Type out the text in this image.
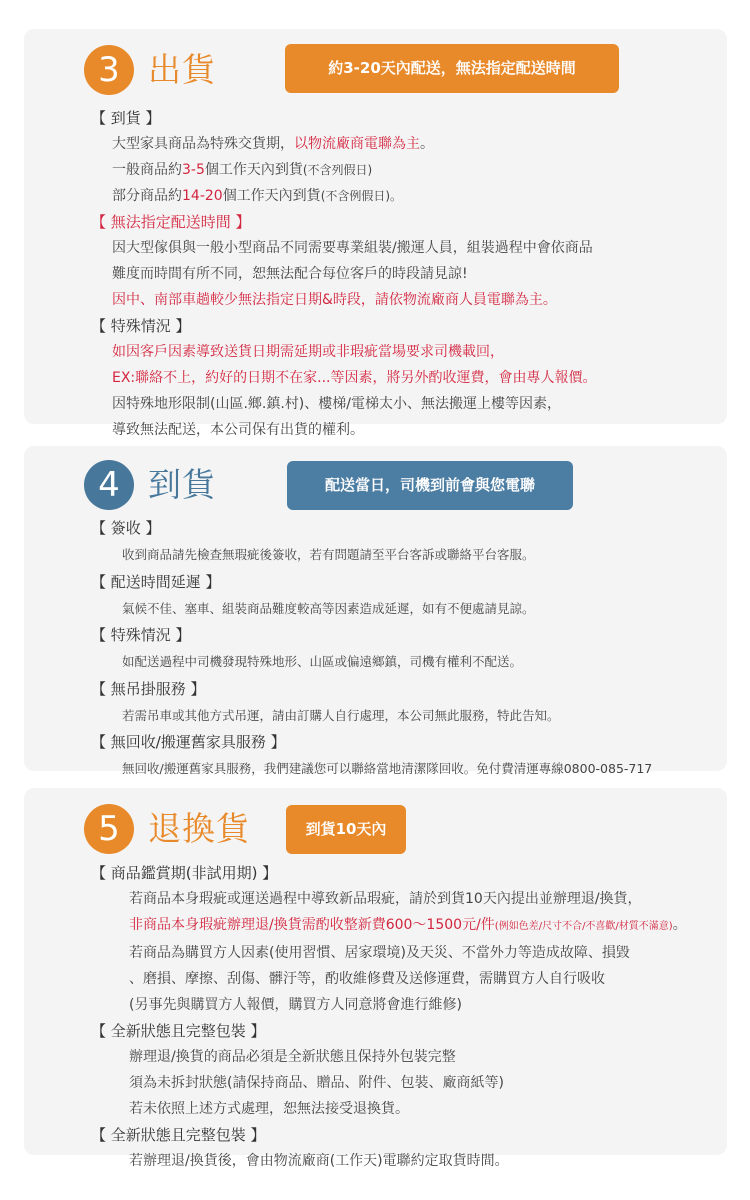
3 出貨	約3-20天內配送，無法指定配送時間
【 到貨 】
大型家具商品為特殊交貨期，以物流廠商電聯為主。
一般商品約3-5個工作天內到貨(不含列假日)
部分商品約14-20個工作天內到貨(不含例假日)。
【 無法指定配送時間 】
因大型傢俱與一般小型商品不同需要專業組裝/搬運人員，組裝過程中會依商品
難度而時間有所不同，恕無法配合每位客戶的時段請見諒!
因中、南部車趟較少無法指定日期&時段，請依物流廠商人員電聯為主。
【 特殊情況 】
如因客戶因素導致送貨日期需延期或非瑕疵當場要求司機載回，
EX:聯絡不上，約好的日期不在家...等因素，將另外酌收運費，會由專人報價。
因特殊地形限制(山區.鄉.鎮.村)、樓梯/電梯太小、無法搬運上樓等因素，
導致無法配送，本公司保有出貨的權利。
4 到貨	配送當日，司機到前會與您電聯
【 簽收 】
收到商品請先檢查無瑕疵後簽收，若有問題請至平台客訴或聯絡平台客服。
【 配送時間延遲 】
氣候不佳、塞車、組裝商品難度較高等因素造成延遲，如有不便處請見諒。
【 特殊情況 】
如配送過程中司機發現特殊地形、山區或偏遠鄉鎮，司機有權利不配送。
【 無吊掛服務 】
若需吊車或其他方式吊運，請由訂購人自行處理，本公司無此服務，特此告知。
【 無回收/搬運舊家具服務 】
無回收/搬運舊家具服務，我們建議您可以聯絡當地清潔隊回收。免付費清運專線0800-085-717
5 退換貨	到貨10天內
【 商品鑑賞期(非試用期) 】
若商品本身瑕疵或運送過程中導致新品瑕疵，請於到貨10天內提出並辦理退/換貨，
非商品本身瑕疵辦理退/換貨需酌收整新費600～1500元/件(例如色差/尺寸不合/不喜歡/材質不滿意)。
若商品為購買方人因素(使用習慣、居家環境)及天災、不當外力等造成故障、損毀
、磨損、摩擦、刮傷、髒汙等，酌收維修費及送修運費，需購買方人自行吸收
(另事先與購買方人報價，購買方人同意將會進行維修)
【 全新狀態且完整包裝 】
辦理退/換貨的商品必須是全新狀態且保持外包裝完整
須為未拆封狀態(請保持商品、贈品、附件、包裝、廠商紙等)
若未依照上述方式處理，恕無法接受退換貨。
【 全新狀態且完整包裝 】
若辦理退/換貨後，會由物流廠商(工作天)電聯約定取貨時間。
